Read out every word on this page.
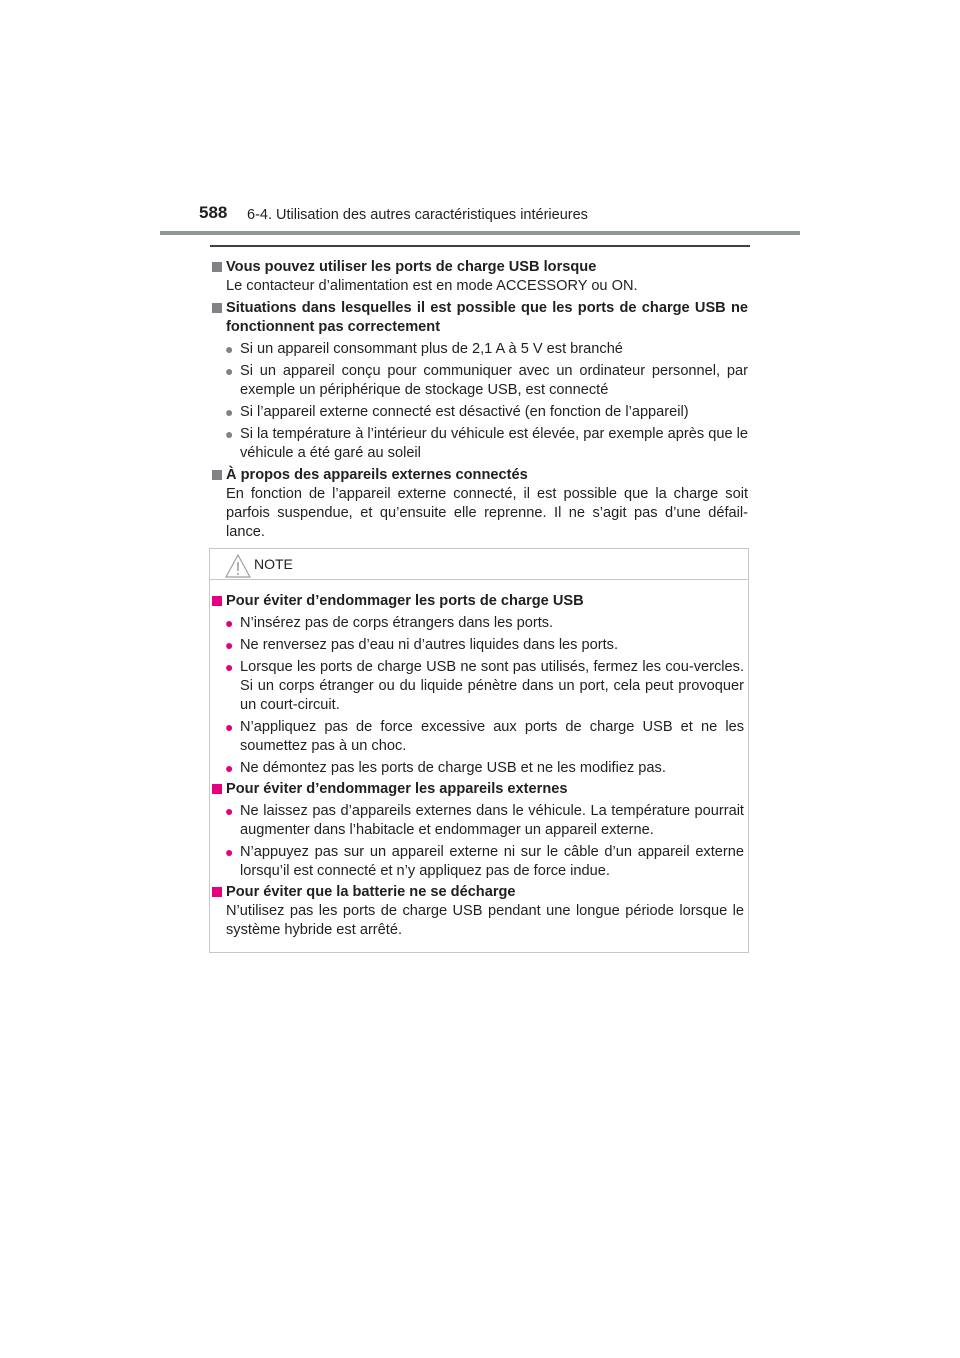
588 6-4. Utilisation des autres caractéristiques intérieures
Vous pouvez utiliser les ports de charge USB lorsque
Le contacteur d’alimentation est en mode ACCESSORY ou ON.
Situations dans lesquelles il est possible que les ports de charge USB ne fonctionnent pas correctement
● Si un appareil consommant plus de 2,1 A à 5 V est branché
● Si un appareil conçu pour communiquer avec un ordinateur personnel, par exemple un périphérique de stockage USB, est connecté
● Si l’appareil externe connecté est désactivé (en fonction de l’appareil)
● Si la température à l’intérieur du véhicule est élevée, par exemple après que le véhicule a été garé au soleil
À propos des appareils externes connectés
En fonction de l’appareil externe connecté, il est possible que la charge soit parfois suspendue, et qu’ensuite elle reprenne. Il ne s’agit pas d’une défail-lance.
NOTE
Pour éviter d’endommager les ports de charge USB
● N’insérez pas de corps étrangers dans les ports.
● Ne renversez pas d’eau ni d’autres liquides dans les ports.
● Lorsque les ports de charge USB ne sont pas utilisés, fermez les cou-vercles. Si un corps étranger ou du liquide pénètre dans un port, cela peut provoquer un court-circuit.
● N’appliquez pas de force excessive aux ports de charge USB et ne les soumettez pas à un choc.
● Ne démontez pas les ports de charge USB et ne les modifiez pas.
Pour éviter d’endommager les appareils externes
● Ne laissez pas d’appareils externes dans le véhicule. La température pourrait augmenter dans l’habitacle et endommager un appareil externe.
● N’appuyez pas sur un appareil externe ni sur le câble d’un appareil externe lorsqu’il est connecté et n’y appliquez pas de force indue.
Pour éviter que la batterie ne se décharge
N’utilisez pas les ports de charge USB pendant une longue période lorsque le système hybride est arrêté.
